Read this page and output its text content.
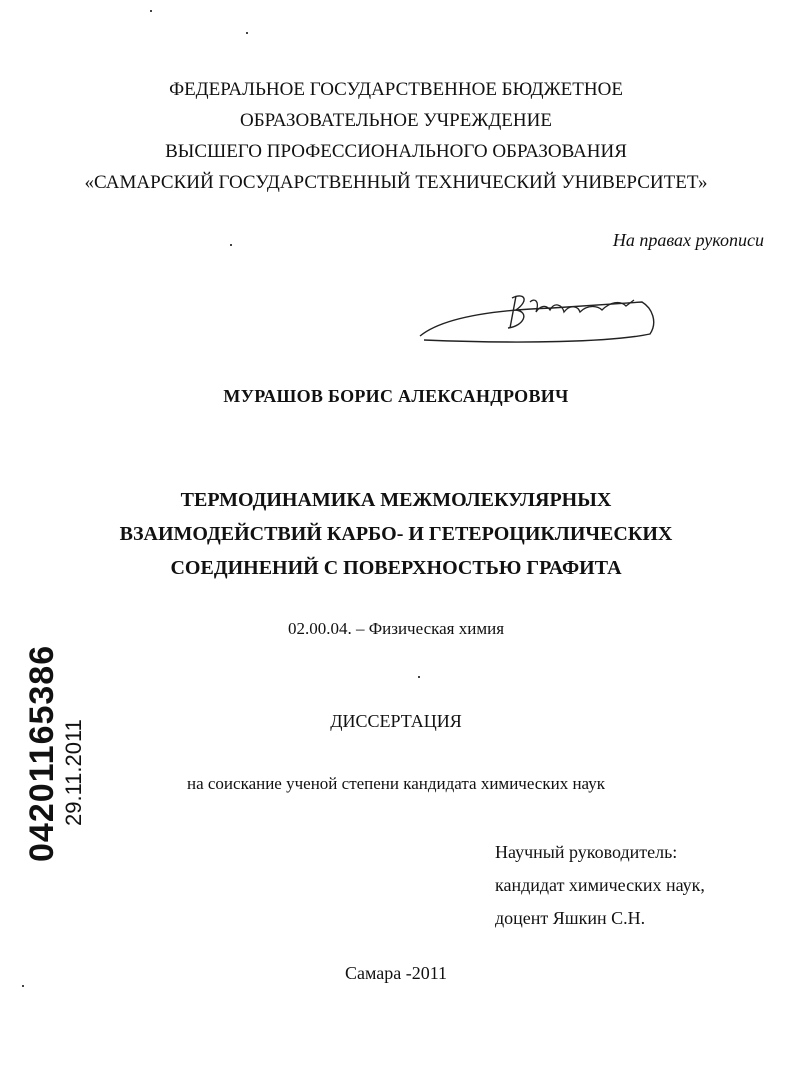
ФЕДЕРАЛЬНОЕ ГОСУДАРСТВЕННОЕ БЮДЖЕТНОЕ
ОБРАЗОВАТЕЛЬНОЕ УЧРЕЖДЕНИЕ
ВЫСШЕГО ПРОФЕССИОНАЛЬНОГО ОБРАЗОВАНИЯ
«САМАРСКИЙ ГОСУДАРСТВЕННЫЙ ТЕХНИЧЕСКИЙ УНИВЕРСИТЕТ»
На правах рукописи
МУРАШОВ БОРИС АЛЕКСАНДРОВИЧ
ТЕРМОДИНАМИКА МЕЖМОЛЕКУЛЯРНЫХ
ВЗАИМОДЕЙСТВИЙ КАРБО- И ГЕТЕРОЦИКЛИЧЕСКИХ
СОЕДИНЕНИЙ С ПОВЕРХНОСТЬЮ ГРАФИТА
02.00.04. – Физическая химия
ДИССЕРТАЦИЯ
на соискание ученой степени кандидата химических наук
Научный руководитель:
кандидат химических наук,
доцент Яшкин С.Н.
Самара -2011
04201165386 29.11.2011
